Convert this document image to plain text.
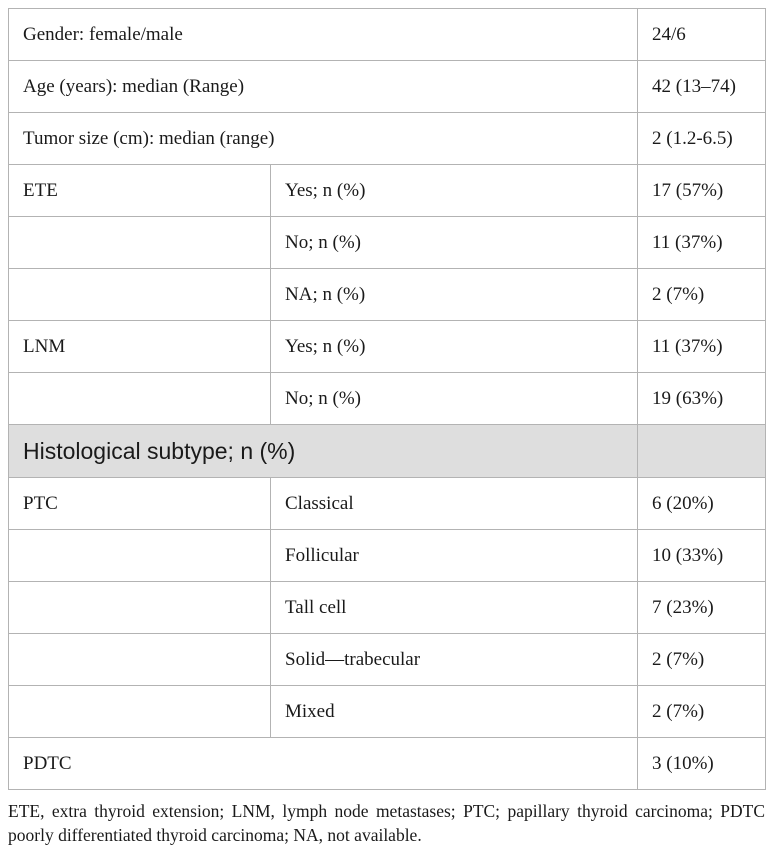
Gender: female/male		24/6
Age (years): median (Range)		42 (13–74)
Tumor size (cm): median (range)		2 (1.2-6.5)
ETE	Yes; n (%)	17 (57%)
	No; n (%)	11 (37%)
	NA; n (%)	2 (7%)
LNM	Yes; n (%)	11 (37%)
	No; n (%)	19 (63%)
Histological subtype; n (%)		
PTC	Classical	6 (20%)
	Follicular	10 (33%)
	Tall cell	7 (23%)
	Solid—trabecular	2 (7%)
	Mixed	2 (7%)
PDTC		3 (10%)

ETE, extra thyroid extension; LNM, lymph node metastases; PTC; papillary thyroid carcinoma; PDTC poorly differentiated thyroid carcinoma; NA, not available.
